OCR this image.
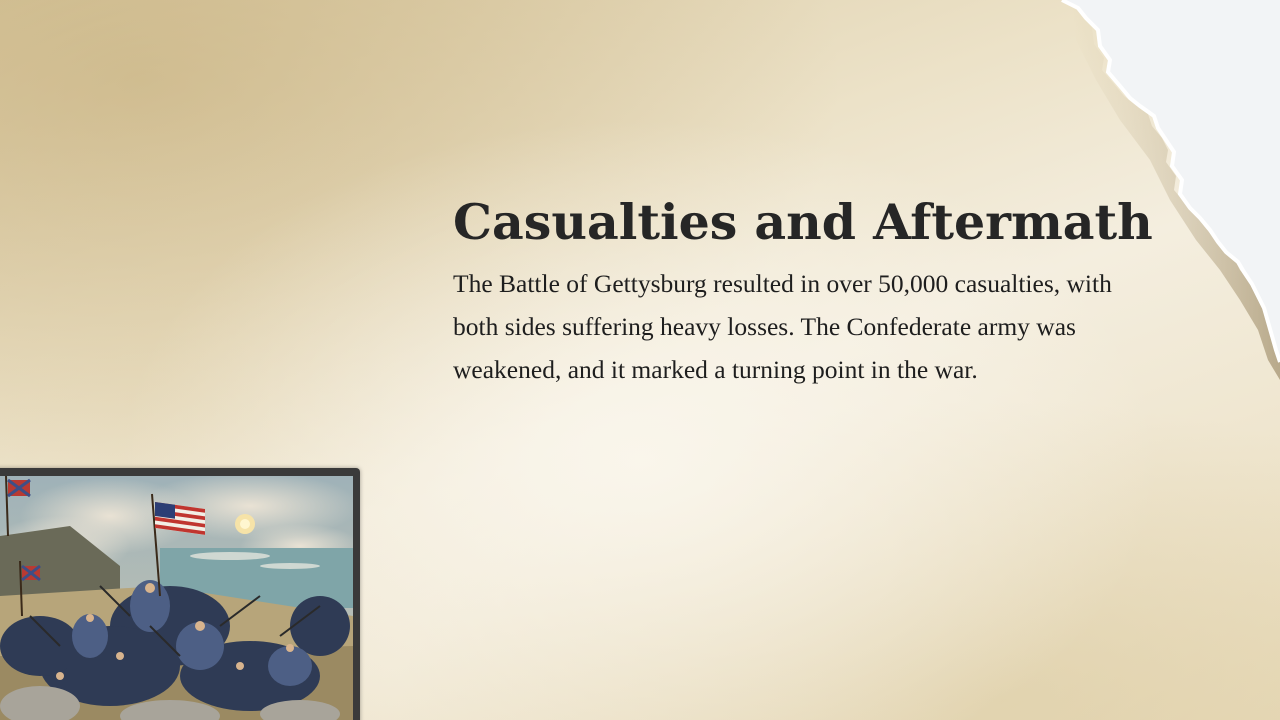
Casualties and Aftermath

The Battle of Gettysburg resulted in over 50,000 casualties, with both sides suffering heavy losses. The Confederate army was weakened, and it marked a turning point in the war.
